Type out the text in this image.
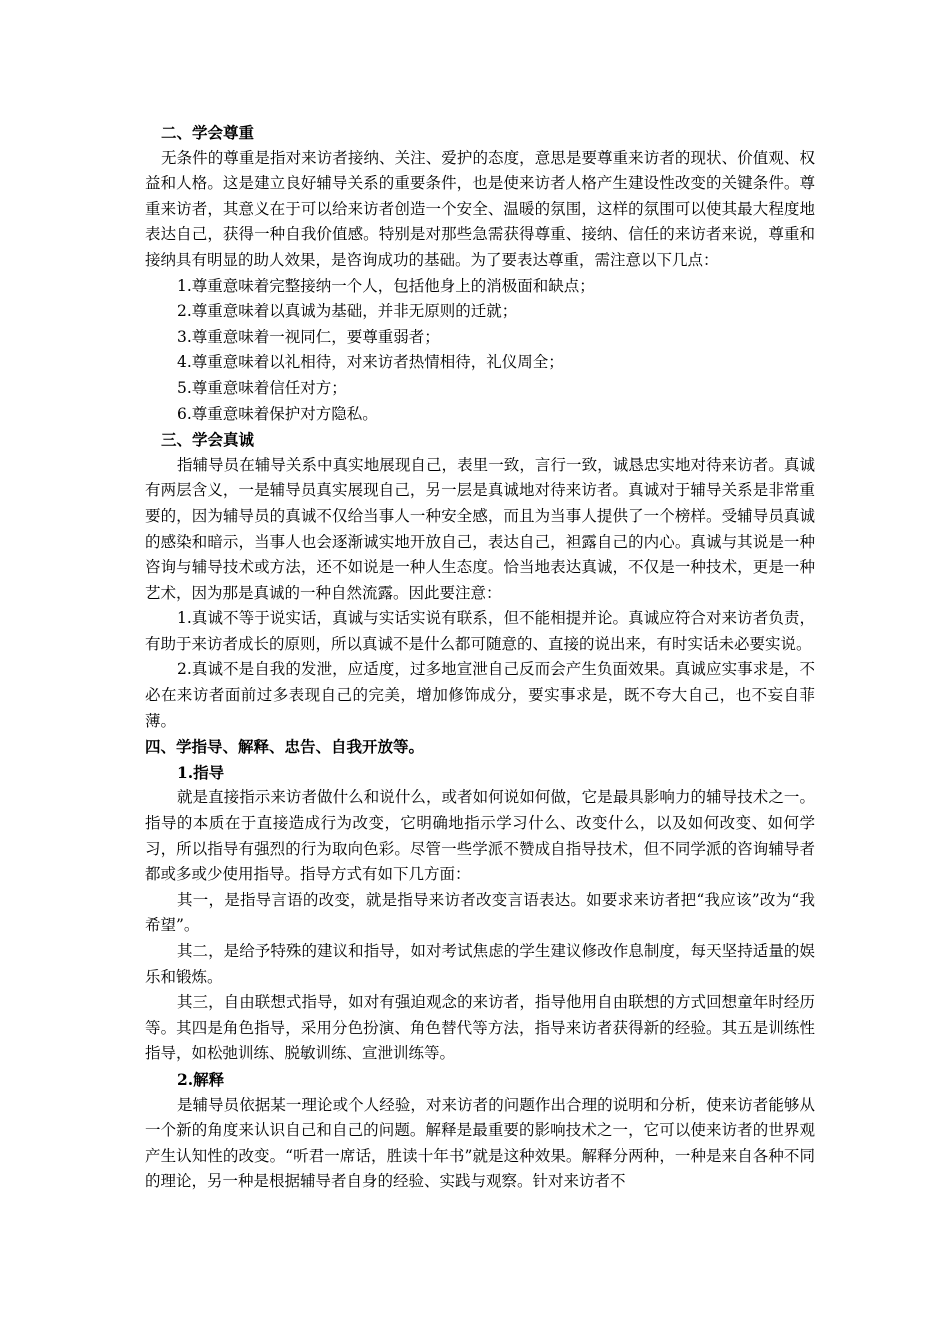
二、学会尊重

无条件的尊重是指对来访者接纳、关注、爱护的态度，意思是要尊重来访者的现状、价值观、权益和人格。这是建立良好辅导关系的重要条件，也是使来访者人格产生建设性改变的关键条件。尊重来访者，其意义在于可以给来访者创造一个安全、温暖的氛围，这样的氛围可以使其最大程度地表达自己，获得一种自我价值感。特别是对那些急需获得尊重、接纳、信任的来访者来说，尊重和接纳具有明显的助人效果，是咨询成功的基础。为了要表达尊重，需注意以下几点：

1.尊重意味着完整接纳一个人，包括他身上的消极面和缺点；

2.尊重意味着以真诚为基础，并非无原则的迁就；

3.尊重意味着一视同仁，要尊重弱者；

4.尊重意味着以礼相待，对来访者热情相待，礼仪周全；

5.尊重意味着信任对方；

6.尊重意味着保护对方隐私。

三、学会真诚

指辅导员在辅导关系中真实地展现自己，表里一致，言行一致，诚恳忠实地对待来访者。真诚有两层含义，一是辅导员真实展现自己，另一层是真诚地对待来访者。真诚对于辅导关系是非常重要的，因为辅导员的真诚不仅给当事人一种安全感，而且为当事人提供了一个榜样。受辅导员真诚的感染和暗示，当事人也会逐渐诚实地开放自己，表达自己，袒露自己的内心。真诚与其说是一种咨询与辅导技术或方法，还不如说是一种人生态度。恰当地表达真诚，不仅是一种技术，更是一种艺术，因为那是真诚的一种自然流露。因此要注意：

1.真诚不等于说实话，真诚与实话实说有联系，但不能相提并论。真诚应符合对来访者负责，有助于来访者成长的原则，所以真诚不是什么都可随意的、直接的说出来，有时实话未必要实说。

2.真诚不是自我的发泄，应适度，过多地宣泄自己反而会产生负面效果。真诚应实事求是，不必在来访者面前过多表现自己的完美，增加修饰成分，要实事求是，既不夸大自己，也不妄自菲薄。

四、学指导、解释、忠告、自我开放等。

1.指导

就是直接指示来访者做什么和说什么，或者如何说如何做，它是最具影响力的辅导技术之一。指导的本质在于直接造成行为改变，它明确地指示学习什么、改变什么，以及如何改变、如何学习，所以指导有强烈的行为取向色彩。尽管一些学派不赞成自指导技术，但不同学派的咨询辅导者都或多或少使用指导。指导方式有如下几方面：

其一，是指导言语的改变，就是指导来访者改变言语表达。如要求来访者把“我应该”改为“我希望”。

其二，是给予特殊的建议和指导，如对考试焦虑的学生建议修改作息制度，每天坚持适量的娱乐和锻炼。

其三，自由联想式指导，如对有强迫观念的来访者，指导他用自由联想的方式回想童年时经历等。其四是角色指导，采用分色扮演、角色替代等方法，指导来访者获得新的经验。其五是训练性指导，如松弛训练、脱敏训练、宣泄训练等。

2.解释

是辅导员依据某一理论或个人经验，对来访者的问题作出合理的说明和分析，使来访者能够从一个新的角度来认识自己和自己的问题。解释是最重要的影响技术之一，它可以使来访者的世界观产生认知性的改变。“听君一席话，胜读十年书”就是这种效果。解释分两种，一种是来自各种不同的理论，另一种是根据辅导者自身的经验、实践与观察。针对来访者不
